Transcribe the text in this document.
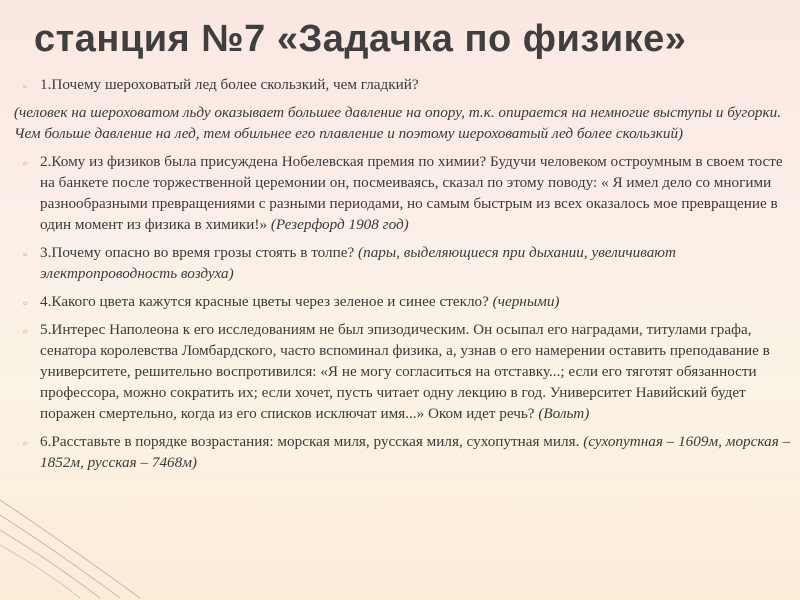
станция №7 «Задачка по физике»

▫ 1.Почему шероховатый лед более скользкий, чем гладкий?

(человек на шероховатом льду оказывает большее давление на опору, т.к. опирается на немногие выступы и бугорки. Чем больше давление на лед, тем обильнее его плавление и поэтому шероховатый лед более скользкий)

▫ 2.Кому из физиков была присуждена Нобелевская премия по химии? Будучи человеком остроумным в своем тосте на банкете после торжественной церемонии он, посмеиваясь, сказал по этому поводу: « Я имел дело со многими разнообразными превращениями с разными периодами, но самым быстрым из всех оказалось мое превращение в один момент из физика в химики!» (Резерфорд 1908 год)

▫ 3.Почему опасно во время грозы стоять в толпе? (пары, выделяющиеся при дыхании, увеличивают электропроводность воздуха)

▫ 4.Какого цвета кажутся красные цветы через зеленое и синее стекло? (черными)

▫ 5.Интерес Наполеона к его исследованиям не был эпизодическим. Он осыпал его наградами, титулами графа, сенатора королевства Ломбардского, часто вспоминал физика, а, узнав о его намерении оставить преподавание в университете, решительно воспротивился: «Я не могу согласиться на отставку...; если его тяготят обязанности профессора, можно сократить их; если хочет, пусть читает одну лекцию в год. Университет Навийский будет поражен смертельно, когда из его списков исключат имя...» Оком идет речь? (Вольт)

▫ 6.Расставьте в порядке возрастания: морская миля, русская миля, сухопутная миля. (сухопутная – 1609м, морская –1852м, русская – 7468м)
